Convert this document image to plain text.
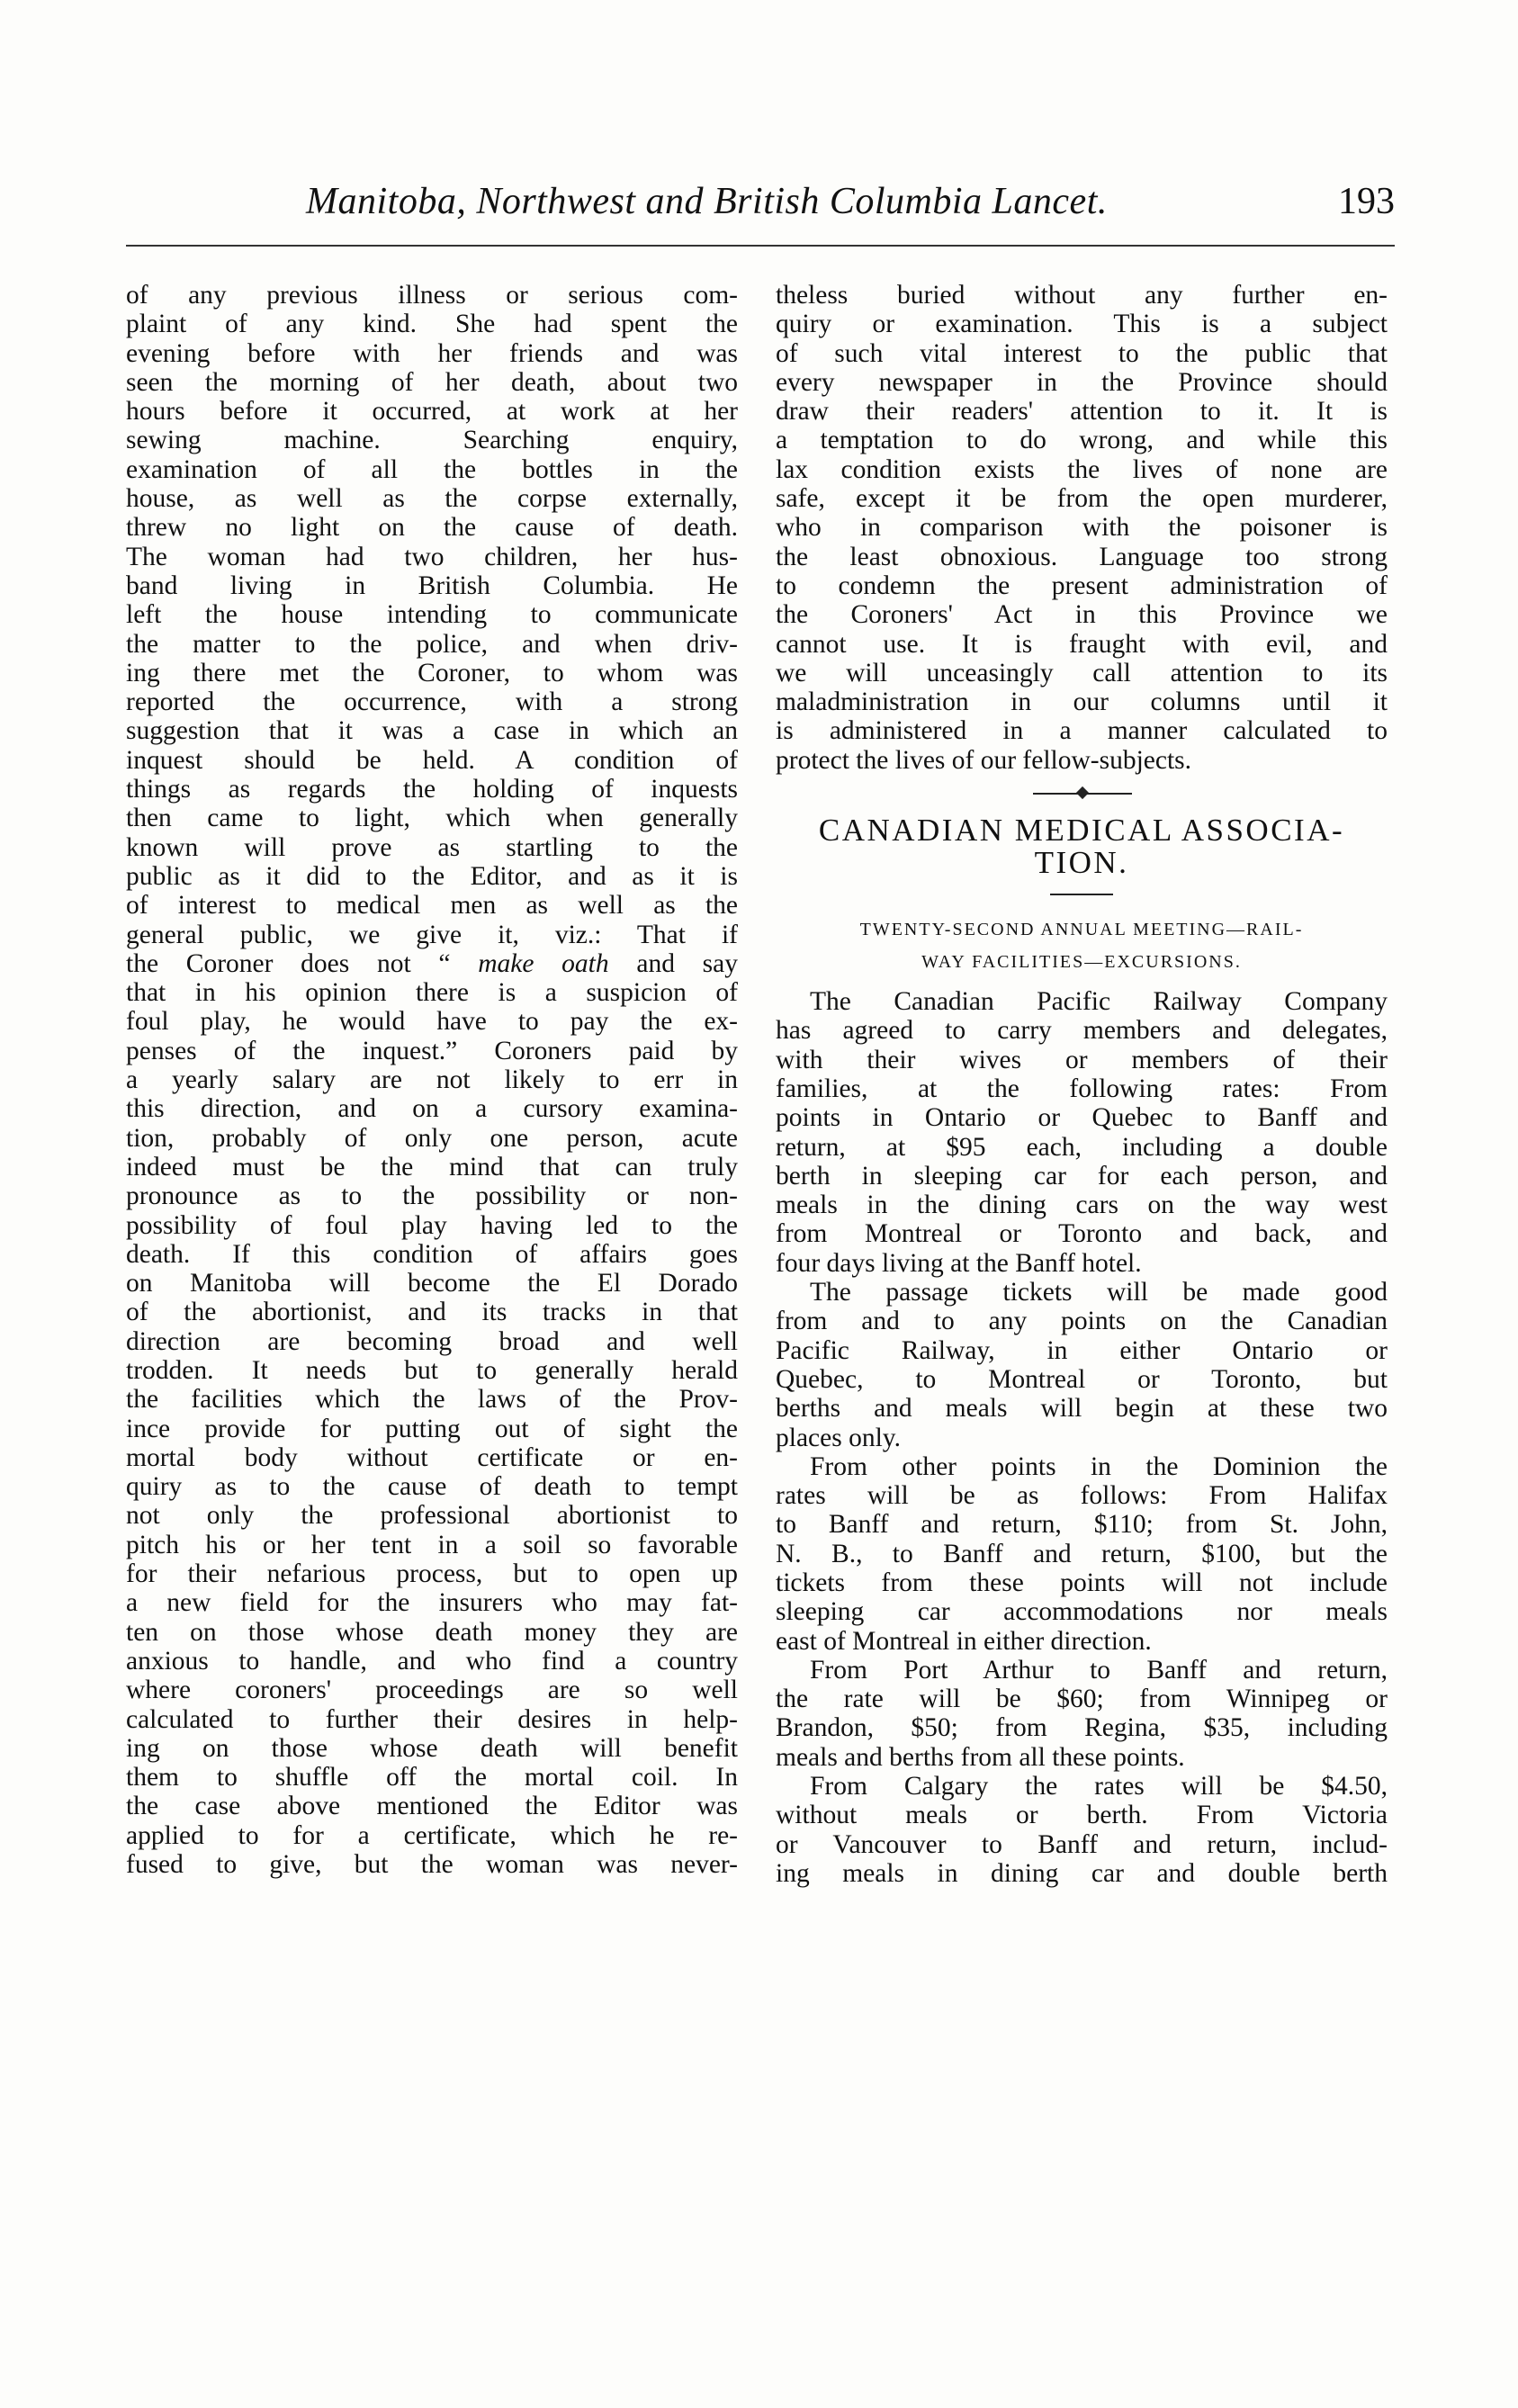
Manitoba, Northwest and British Columbia Lancet.	193
of any previous illness or serious com-
plaint of any kind. She had spent the
evening before with her friends and was
seen the morning of her death, about two
hours before it occurred, at work at her
sewing machine. Searching enquiry,
examination of all the bottles in the
house, as well as the corpse externally,
threw no light on the cause of death.
The woman had two children, her hus-
band living in British Columbia. He
left the house intending to communicate
the matter to the police, and when driv-
ing there met the Coroner, to whom was
reported the occurrence, with a strong
suggestion that it was a case in which an
inquest should be held. A condition of
things as regards the holding of inquests
then came to light, which when generally
known will prove as startling to the
public as it did to the Editor, and as it is
of interest to medical men as well as the
general public, we give it, viz.: That if
the Coroner does not “ make oath and say
that in his opinion there is a suspicion of
foul play, he would have to pay the ex-
penses of the inquest.” Coroners paid by
a yearly salary are not likely to err in
this direction, and on a cursory examina-
tion, probably of only one person, acute
indeed must be the mind that can truly
pronounce as to the possibility or non-
possibility of foul play having led to the
death. If this condition of affairs goes
on Manitoba will become the El Dorado
of the abortionist, and its tracks in that
direction are becoming broad and well
trodden. It needs but to generally herald
the facilities which the laws of the Prov-
ince provide for putting out of sight the
mortal body without certificate or en-
quiry as to the cause of death to tempt
not only the professional abortionist to
pitch his or her tent in a soil so favorable
for their nefarious process, but to open up
a new field for the insurers who may fat-
ten on those whose death money they are
anxious to handle, and who find a country
where coroners' proceedings are so well
calculated to further their desires in help-
ing on those whose death will benefit
them to shuffle off the mortal coil. In
the case above mentioned the Editor was
applied to for a certificate, which he re-
fused to give, but the woman was never-
theless buried without any further en-
quiry or examination. This is a subject
of such vital interest to the public that
every newspaper in the Province should
draw their readers' attention to it. It is
a temptation to do wrong, and while this
lax condition exists the lives of none are
safe, except it be from the open murderer,
who in comparison with the poisoner is
the least obnoxious. Language too strong
to condemn the present administration of
the Coroners' Act in this Province we
cannot use. It is fraught with evil, and
we will unceasingly call attention to its
maladministration in our columns until it
is administered in a manner calculated to
protect the lives of our fellow-subjects.
CANADIAN MEDICAL ASSOCIA-
TION.
TWENTY-SECOND ANNUAL MEETING—RAIL-
WAY FACILITIES—EXCURSIONS.
The Canadian Pacific Railway Company
has agreed to carry members and delegates,
with their wives or members of their
families, at the following rates: From
points in Ontario or Quebec to Banff and
return, at $95 each, including a double
berth in sleeping car for each person, and
meals in the dining cars on the way west
from Montreal or Toronto and back, and
four days living at the Banff hotel.
The passage tickets will be made good
from and to any points on the Canadian
Pacific Railway, in either Ontario or
Quebec, to Montreal or Toronto, but
berths and meals will begin at these two
places only.
From other points in the Dominion the
rates will be as follows: From Halifax
to Banff and return, $110; from St. John,
N. B., to Banff and return, $100, but the
tickets from these points will not include
sleeping car accommodations nor meals
east of Montreal in either direction.
From Port Arthur to Banff and return,
the rate will be $60; from Winnipeg or
Brandon, $50; from Regina, $35, including
meals and berths from all these points.
From Calgary the rates will be $4.50,
without meals or berth. From Victoria
or Vancouver to Banff and return, includ-
ing meals in dining car and double berth
